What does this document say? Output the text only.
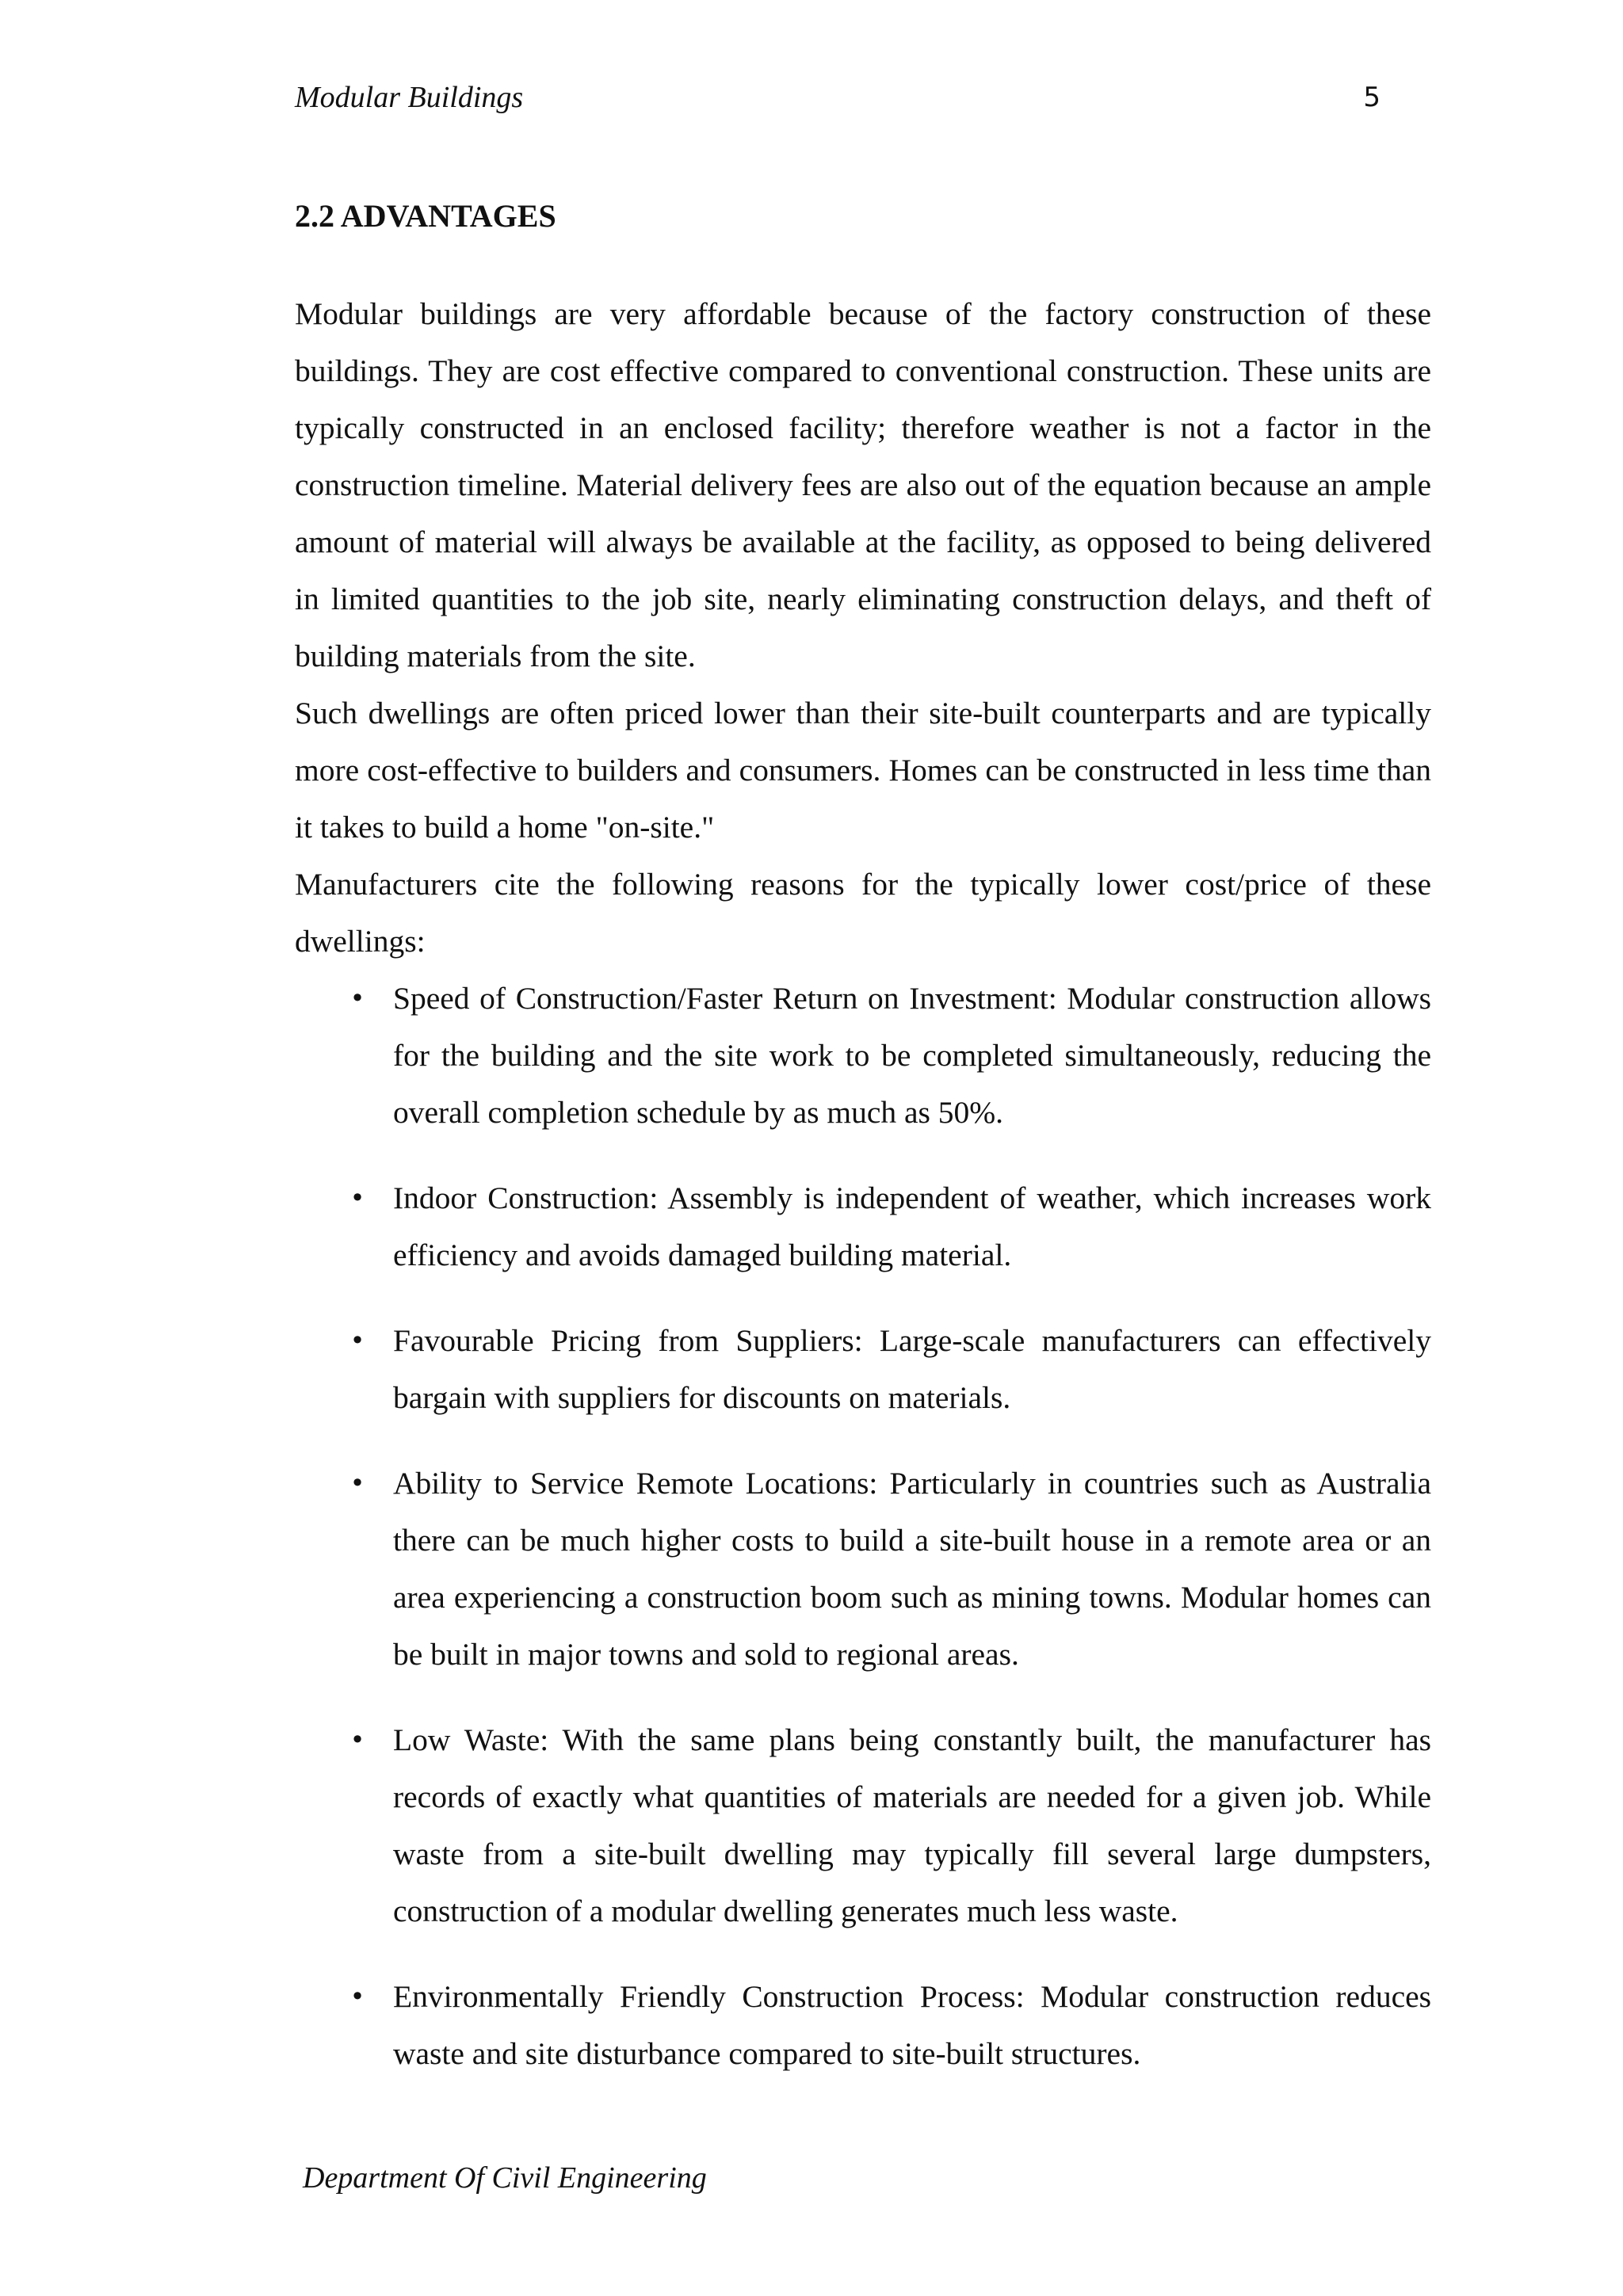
Modular Buildings	5
2.2 ADVANTAGES

Modular buildings are very affordable because of the factory construction of these buildings. They are cost effective compared to conventional construction. These units are typically constructed in an enclosed facility; therefore weather is not a factor in the construction timeline. Material delivery fees are also out of the equation because an ample amount of material will always be available at the facility, as opposed to being delivered in limited quantities to the job site, nearly eliminating construction delays, and theft of building materials from the site.

Such dwellings are often priced lower than their site-built counterparts and are typically more cost-effective to builders and consumers. Homes can be constructed in less time than it takes to build a home "on-site."

Manufacturers cite the following reasons for the typically lower cost/price of these dwellings:

• Speed of Construction/Faster Return on Investment: Modular construction allows for the building and the site work to be completed simultaneously, reducing the overall completion schedule by as much as 50%.
• Indoor Construction: Assembly is independent of weather, which increases work efficiency and avoids damaged building material.
• Favourable Pricing from Suppliers: Large-scale manufacturers can effectively bargain with suppliers for discounts on materials.
• Ability to Service Remote Locations: Particularly in countries such as Australia there can be much higher costs to build a site-built house in a remote area or an area experiencing a construction boom such as mining towns. Modular homes can be built in major towns and sold to regional areas.
• Low Waste: With the same plans being constantly built, the manufacturer has records of exactly what quantities of materials are needed for a given job. While waste from a site-built dwelling may typically fill several large dumpsters, construction of a modular dwelling generates much less waste.
• Environmentally Friendly Construction Process: Modular construction reduces waste and site disturbance compared to site-built structures.
Department Of Civil Engineering
